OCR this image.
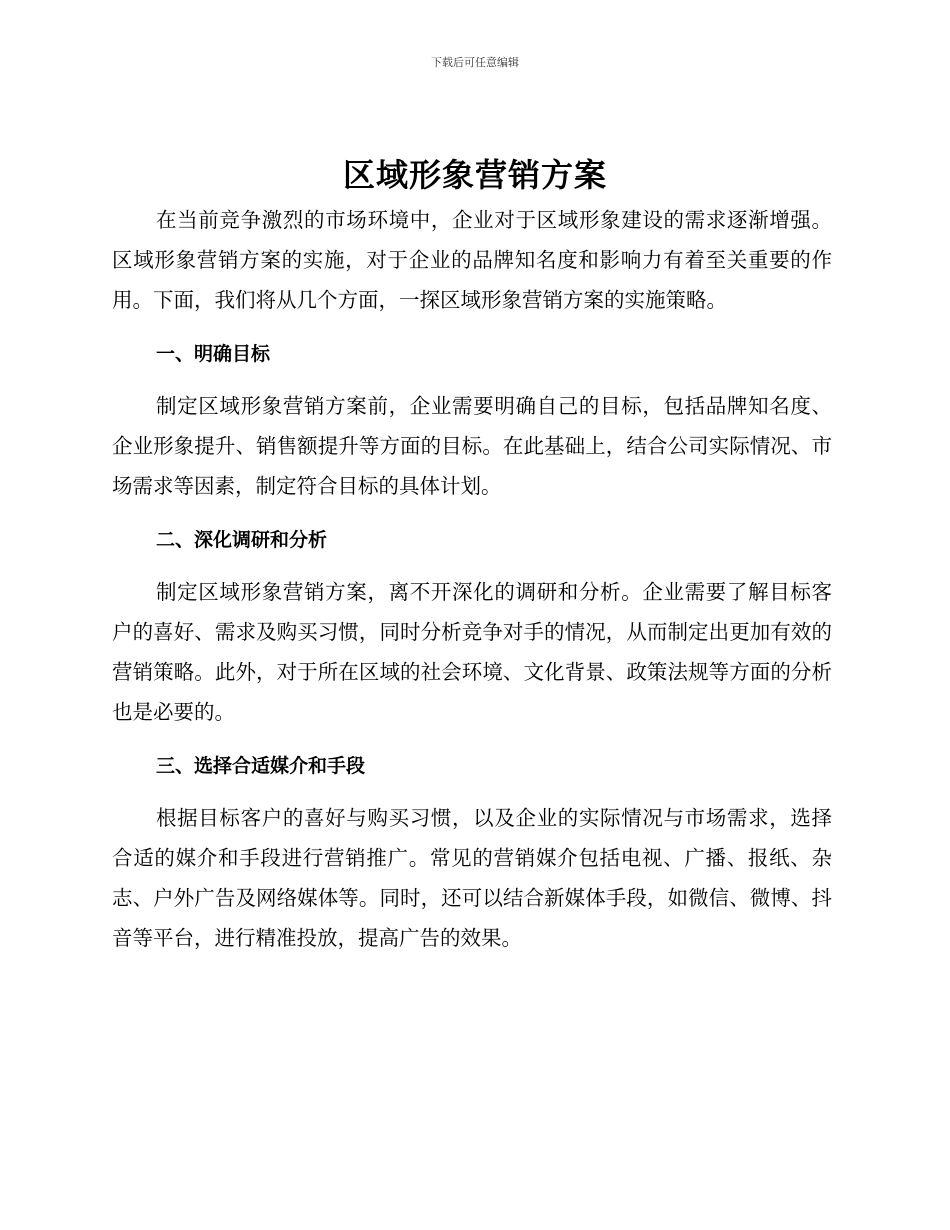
下载后可任意编辑
区域形象营销方案

在当前竞争激烈的市场环境中，企业对于区域形象建设的需求逐渐增强。区域形象营销方案的实施，对于企业的品牌知名度和影响力有着至关重要的作用。下面，我们将从几个方面，一探区域形象营销方案的实施策略。

一、明确目标

制定区域形象营销方案前，企业需要明确自己的目标，包括品牌知名度、企业形象提升、销售额提升等方面的目标。在此基础上，结合公司实际情况、市场需求等因素，制定符合目标的具体计划。

二、深化调研和分析

制定区域形象营销方案，离不开深化的调研和分析。企业需要了解目标客户的喜好、需求及购买习惯，同时分析竞争对手的情况，从而制定出更加有效的营销策略。此外，对于所在区域的社会环境、文化背景、政策法规等方面的分析也是必要的。

三、选择合适媒介和手段

根据目标客户的喜好与购买习惯，以及企业的实际情况与市场需求，选择合适的媒介和手段进行营销推广。常见的营销媒介包括电视、广播、报纸、杂志、户外广告及网络媒体等。同时，还可以结合新媒体手段，如微信、微博、抖音等平台，进行精准投放，提高广告的效果。
